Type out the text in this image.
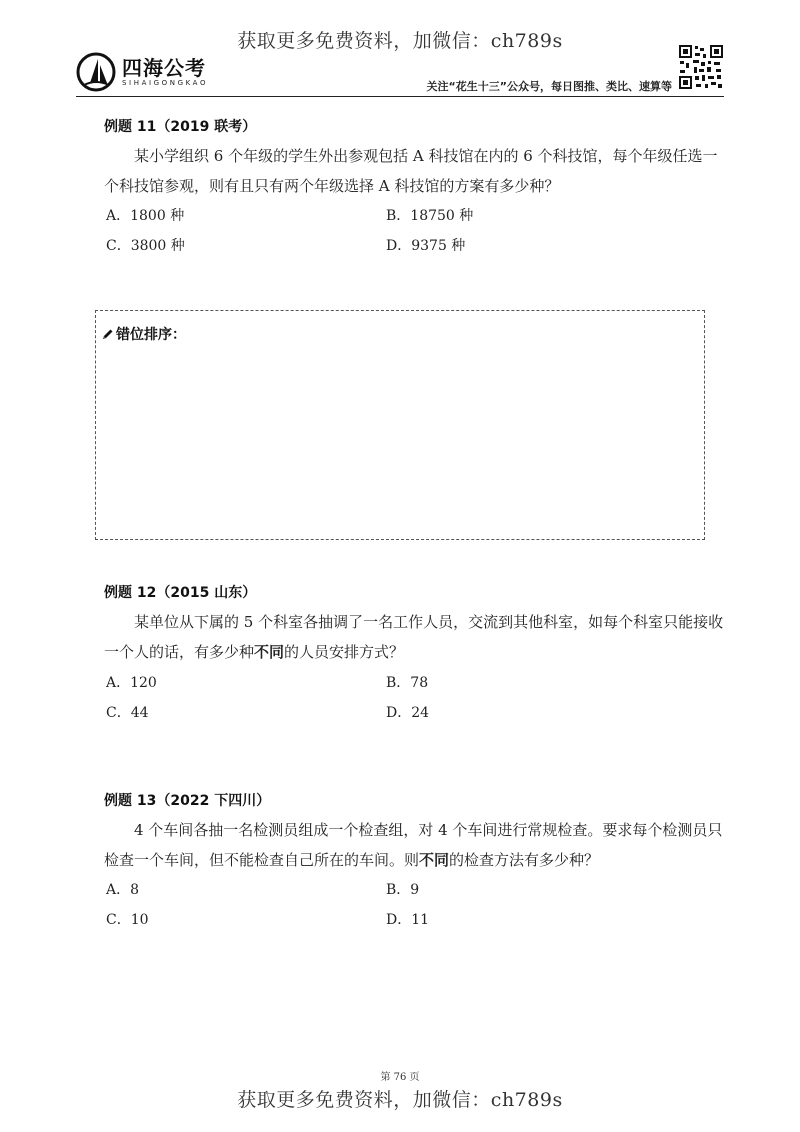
获取更多免费资料，加微信：ch789s
四海公考
SIHAIGONGKAO	关注“花生十三”公众号，每日图推、类比、速算等
例题 11（2019 联考）

某小学组织 6 个年级的学生外出参观包括 A 科技馆在内的 6 个科技馆，每个年级任选一个科技馆参观，则有且只有两个年级选择 A 科技馆的方案有多少种？

A．1800 种	B．18750 种
C．3800 种	D．9375 种
错位排序：
例题 12（2015 山东）

某单位从下属的 5 个科室各抽调了一名工作人员，交流到其他科室，如每个科室只能接收一个人的话，有多少种不同的人员安排方式？

A．120	B．78
C．44	D．24
例题 13（2022 下四川）

4 个车间各抽一名检测员组成一个检查组，对 4 个车间进行常规检查。要求每个检测员只检查一个车间，但不能检查自己所在的车间。则不同的检查方法有多少种？

A．8	B．9
C．10	D．11
第 76 页
获取更多免费资料，加微信：ch789s
